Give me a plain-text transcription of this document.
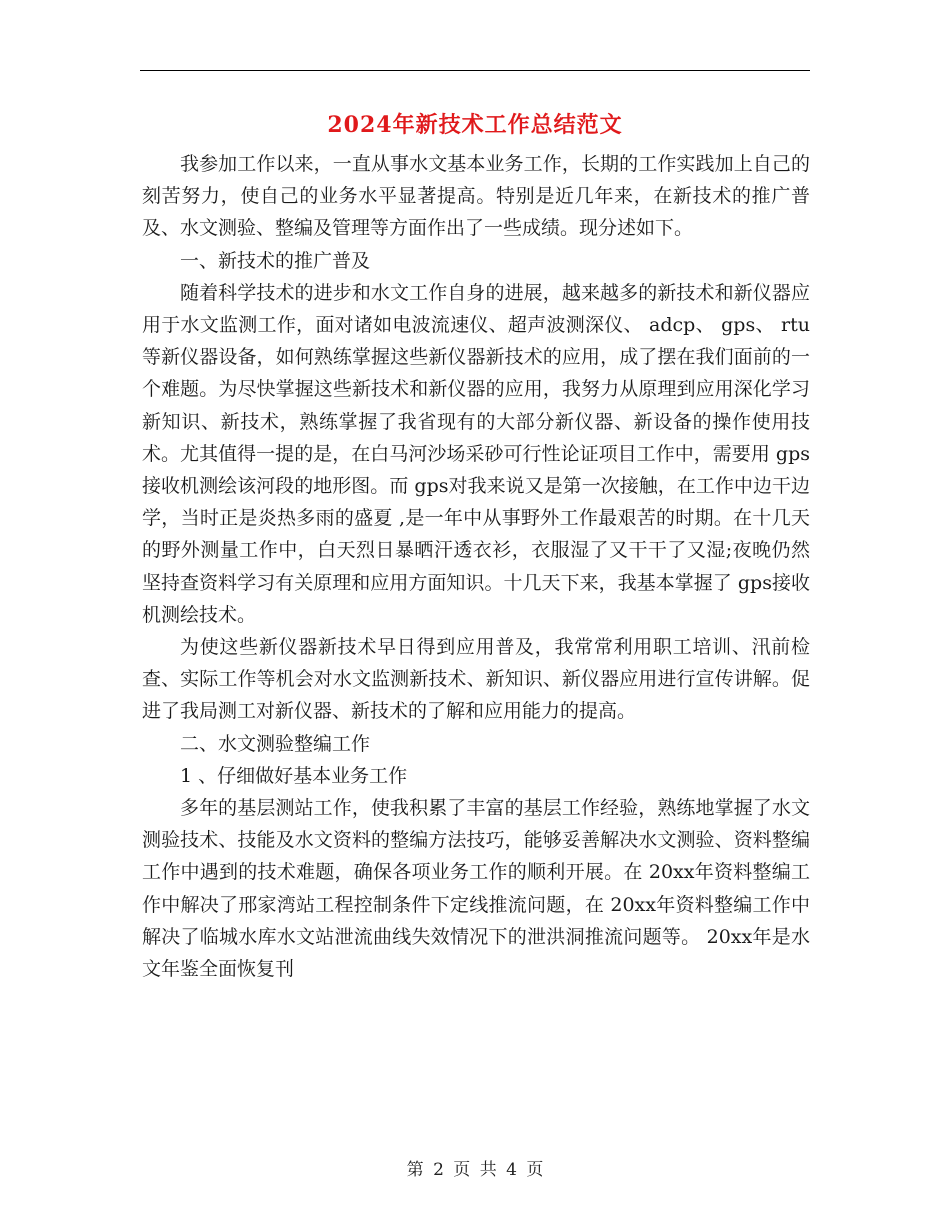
2024年新技术工作总结范文

我参加工作以来，一直从事水文基本业务工作，长期的工作实践加上自己的刻苦努力，使自己的业务水平显著提高。特别是近几年来，在新技术的推广普及、水文测验、整编及管理等方面作出了一些成绩。现分述如下。

一、新技术的推广普及

随着科学技术的进步和水文工作自身的进展，越来越多的新技术和新仪器应用于水文监测工作，面对诸如电波流速仪、超声波测深仪、 adcp、 gps、 rtu等新仪器设备，如何熟练掌握这些新仪器新技术的应用，成了摆在我们面前的一个难题。为尽快掌握这些新技术和新仪器的应用，我努力从原理到应用深化学习新知识、新技术，熟练掌握了我省现有的大部分新仪器、新设备的操作使用技术。尤其值得一提的是，在白马河沙场采砂可行性论证项目工作中，需要用 gps接收机测绘该河段的地形图。而 gps对我来说又是第一次接触，在工作中边干边学，当时正是炎热多雨的盛夏 ,是一年中从事野外工作最艰苦的时期。在十几天的野外测量工作中，白天烈日暴晒汗透衣衫，衣服湿了又干干了又湿;夜晚仍然坚持查资料学习有关原理和应用方面知识。十几天下来，我基本掌握了 gps接收机测绘技术。

为使这些新仪器新技术早日得到应用普及，我常常利用职工培训、汛前检查、实际工作等机会对水文监测新技术、新知识、新仪器应用进行宣传讲解。促进了我局测工对新仪器、新技术的了解和应用能力的提高。

二、水文测验整编工作

1 、仔细做好基本业务工作

多年的基层测站工作，使我积累了丰富的基层工作经验，熟练地掌握了水文测验技术、技能及水文资料的整编方法技巧，能够妥善解决水文测验、资料整编工作中遇到的技术难题，确保各项业务工作的顺利开展。在 20xx年资料整编工作中解决了邢家湾站工程控制条件下定线推流问题，在 20xx年资料整编工作中解决了临城水库水文站泄流曲线失效情况下的泄洪洞推流问题等。 20xx年是水文年鉴全面恢复刊

第 2 页 共 4 页
